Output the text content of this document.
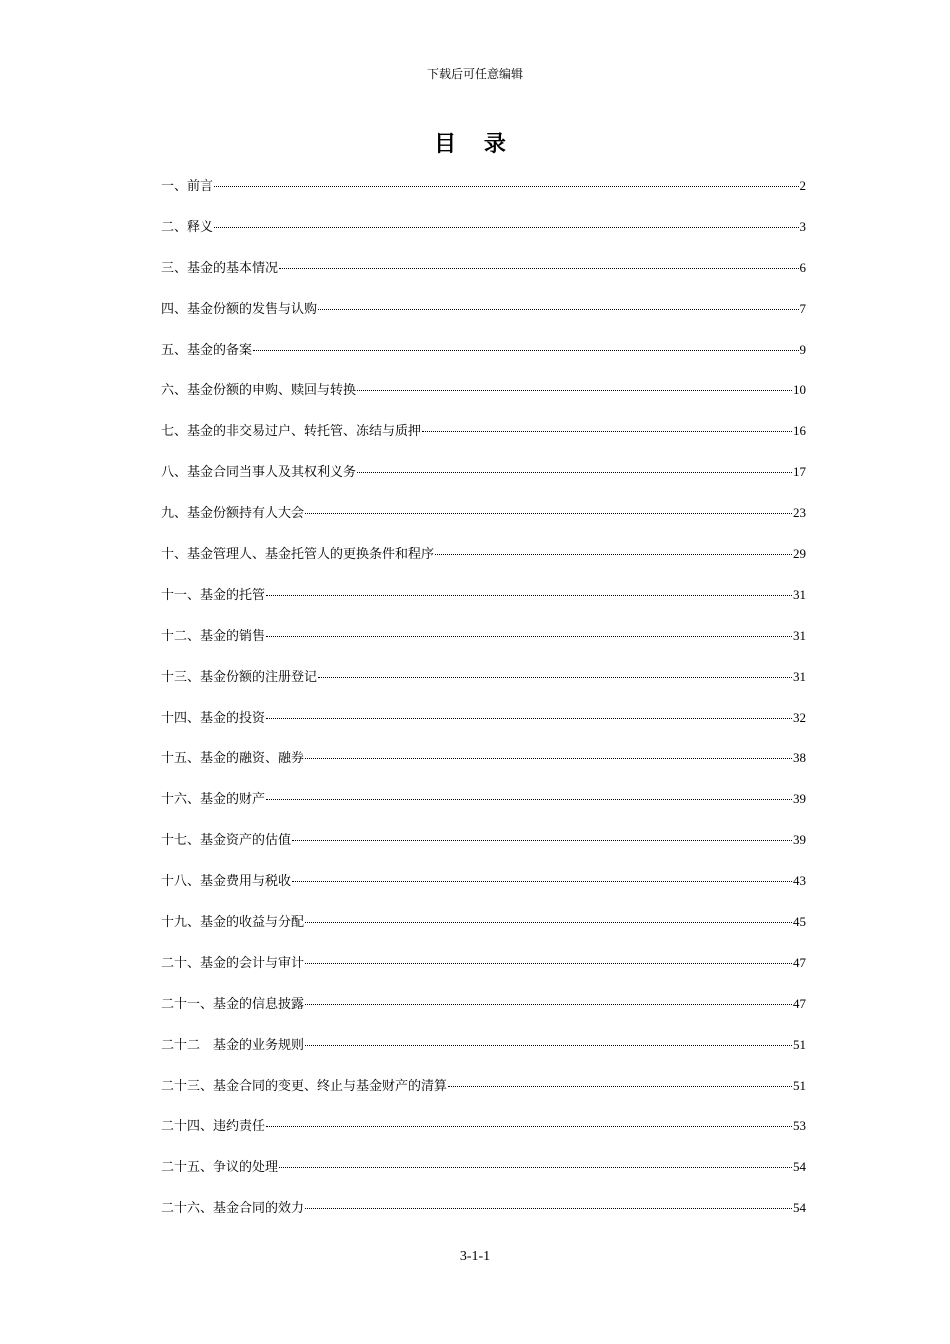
下载后可任意编辑
目 录
一、前言	2
二、释义	3
三、基金的基本情况	6
四、基金份额的发售与认购	7
五、基金的备案	9
六、基金份额的申购、赎回与转换	10
七、基金的非交易过户、转托管、冻结与质押	16
八、基金合同当事人及其权利义务	17
九、基金份额持有人大会	23
十、基金管理人、基金托管人的更换条件和程序	29
十一、基金的托管	31
十二、基金的销售	31
十三、基金份额的注册登记	31
十四、基金的投资	32
十五、基金的融资、融券	38
十六、基金的财产	39
十七、基金资产的估值	39
十八、基金费用与税收	43
十九、基金的收益与分配	45
二十、基金的会计与审计	47
二十一、基金的信息披露	47
二十二　基金的业务规则	51
二十三、基金合同的变更、终止与基金财产的清算	51
二十四、违约责任	53
二十五、争议的处理	54
二十六、基金合同的效力	54
3-1-1
